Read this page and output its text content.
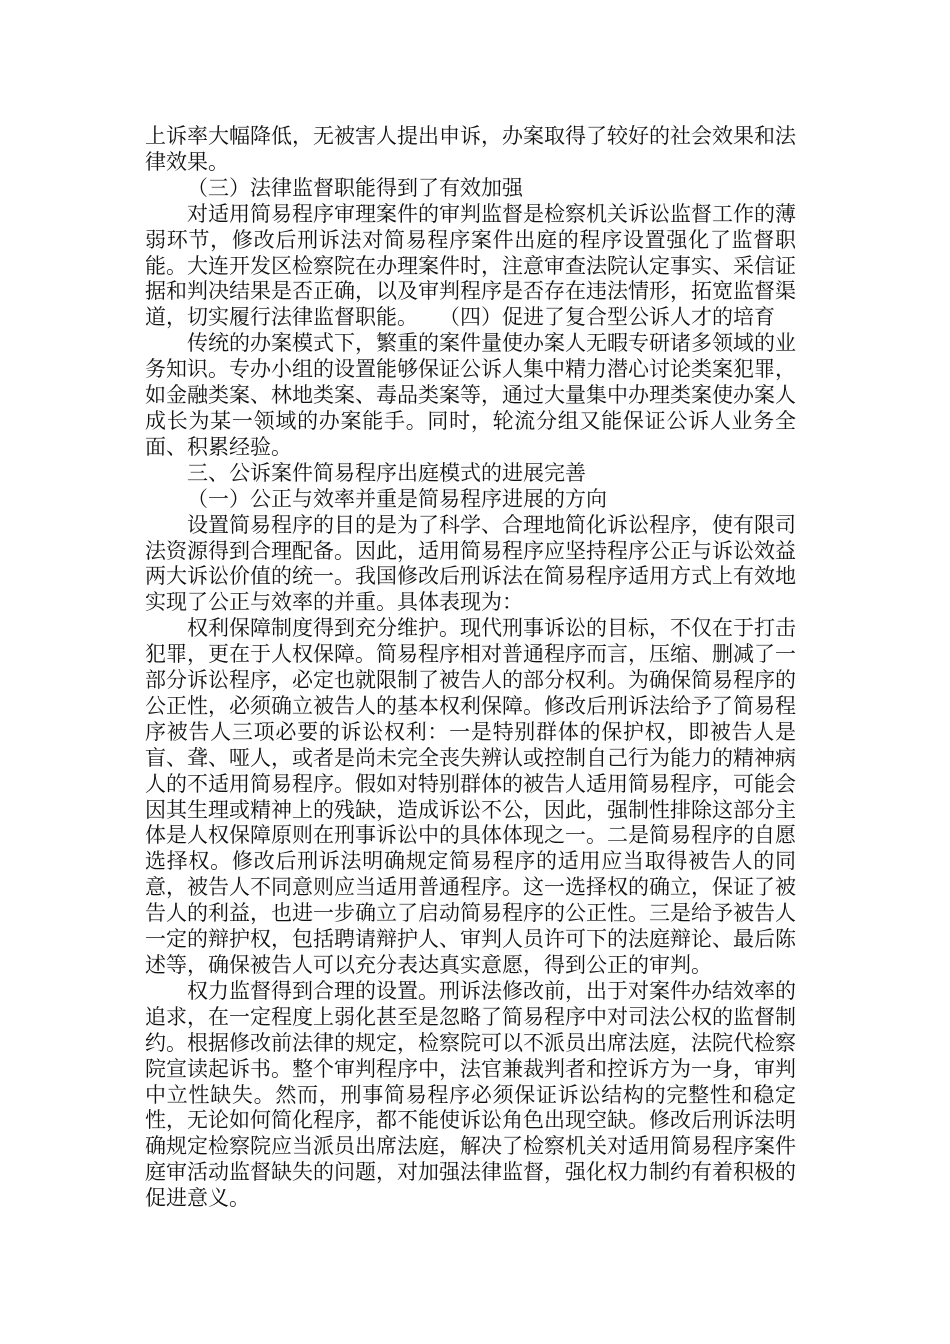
上诉率大幅降低，无被害人提出申诉，办案取得了较好的社会效果和法律效果。

（三）法律监督职能得到了有效加强

对适用简易程序审理案件的审判监督是检察机关诉讼监督工作的薄弱环节，修改后刑诉法对简易程序案件出庭的程序设置强化了监督职能。大连开发区检察院在办理案件时，注意审查法院认定事实、采信证据和判决结果是否正确，以及审判程序是否存在违法情形，拓宽监督渠道，切实履行法律监督职能。　　（四）促进了复合型公诉人才的培育

传统的办案模式下，繁重的案件量使办案人无暇专研诸多领域的业务知识。专办小组的设置能够保证公诉人集中精力潜心讨论类案犯罪，如金融类案、林地类案、毒品类案等，通过大量集中办理类案使办案人成长为某一领域的办案能手。同时，轮流分组又能保证公诉人业务全面、积累经验。

三、公诉案件简易程序出庭模式的进展完善

（一）公正与效率并重是简易程序进展的方向

设置简易程序的目的是为了科学、合理地简化诉讼程序，使有限司法资源得到合理配备。因此，适用简易程序应坚持程序公正与诉讼效益两大诉讼价值的统一。我国修改后刑诉法在简易程序适用方式上有效地实现了公正与效率的并重。具体表现为：

权利保障制度得到充分维护。现代刑事诉讼的目标，不仅在于打击犯罪，更在于人权保障。简易程序相对普通程序而言，压缩、删减了一部分诉讼程序，必定也就限制了被告人的部分权利。为确保简易程序的公正性，必须确立被告人的基本权利保障。修改后刑诉法给予了简易程序被告人三项必要的诉讼权利：一是特别群体的保护权，即被告人是盲、聋、哑人，或者是尚未完全丧失辨认或控制自己行为能力的精神病人的不适用简易程序。假如对特别群体的被告人适用简易程序，可能会因其生理或精神上的残缺，造成诉讼不公，因此，强制性排除这部分主体是人权保障原则在刑事诉讼中的具体体现之一。二是简易程序的自愿选择权。修改后刑诉法明确规定简易程序的适用应当取得被告人的同意，被告人不同意则应当适用普通程序。这一选择权的确立，保证了被告人的利益，也进一步确立了启动简易程序的公正性。三是给予被告人一定的辩护权，包括聘请辩护人、审判人员许可下的法庭辩论、最后陈述等，确保被告人可以充分表达真实意愿，得到公正的审判。

权力监督得到合理的设置。刑诉法修改前，出于对案件办结效率的追求，在一定程度上弱化甚至是忽略了简易程序中对司法公权的监督制约。根据修改前法律的规定，检察院可以不派员出席法庭，法院代检察院宣读起诉书。整个审判程序中，法官兼裁判者和控诉方为一身，审判中立性缺失。然而，刑事简易程序必须保证诉讼结构的完整性和稳定性，无论如何简化程序，都不能使诉讼角色出现空缺。修改后刑诉法明确规定检察院应当派员出席法庭，解决了检察机关对适用简易程序案件庭审活动监督缺失的问题，对加强法律监督，强化权力制约有着积极的促进意义。
